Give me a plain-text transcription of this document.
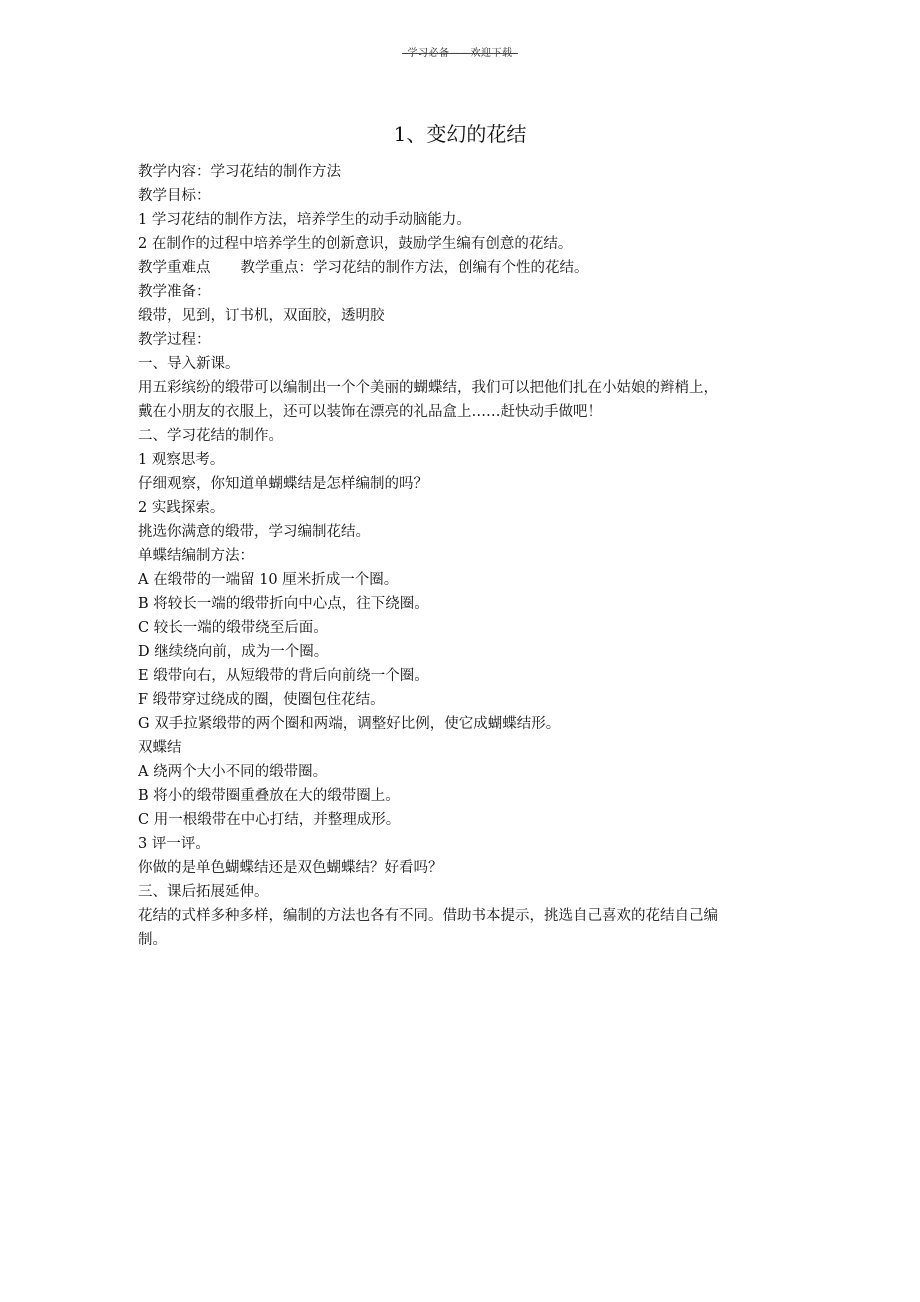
学习必备——欢迎下载
1、变幻的花结
教学内容：学习花结的制作方法
教学目标：
1 学习花结的制作方法，培养学生的动手动脑能力。
2 在制作的过程中培养学生的创新意识，鼓励学生编有创意的花结。
教学重难点 教学重点：学习花结的制作方法，创编有个性的花结。
教学准备：
缎带，见到，订书机，双面胶，透明胶
教学过程：
一、导入新课。
用五彩缤纷的缎带可以编制出一个个美丽的蝴蝶结，我们可以把他们扎在小姑娘的辫梢上，
戴在小朋友的衣服上，还可以装饰在漂亮的礼品盒上……赶快动手做吧！
二、学习花结的制作。
1 观察思考。
仔细观察，你知道单蝴蝶结是怎样编制的吗？
2 实践探索。
挑选你满意的缎带，学习编制花结。
单蝶结编制方法：
A 在缎带的一端留 10 厘米折成一个圈。
B 将较长一端的缎带折向中心点，往下绕圈。
C 较长一端的缎带绕至后面。
D 继续绕向前，成为一个圈。
E 缎带向右，从短缎带的背后向前绕一个圈。
F 缎带穿过绕成的圈，使圈包住花结。
G 双手拉紧缎带的两个圈和两端，调整好比例，使它成蝴蝶结形。
双蝶结
A 绕两个大小不同的缎带圈。
B 将小的缎带圈重叠放在大的缎带圈上。
C 用一根缎带在中心打结，并整理成形。
3 评一评。
你做的是单色蝴蝶结还是双色蝴蝶结？好看吗？
三、课后拓展延伸。
花结的式样多种多样，编制的方法也各有不同。借助书本提示，挑选自己喜欢的花结自己编
制。
